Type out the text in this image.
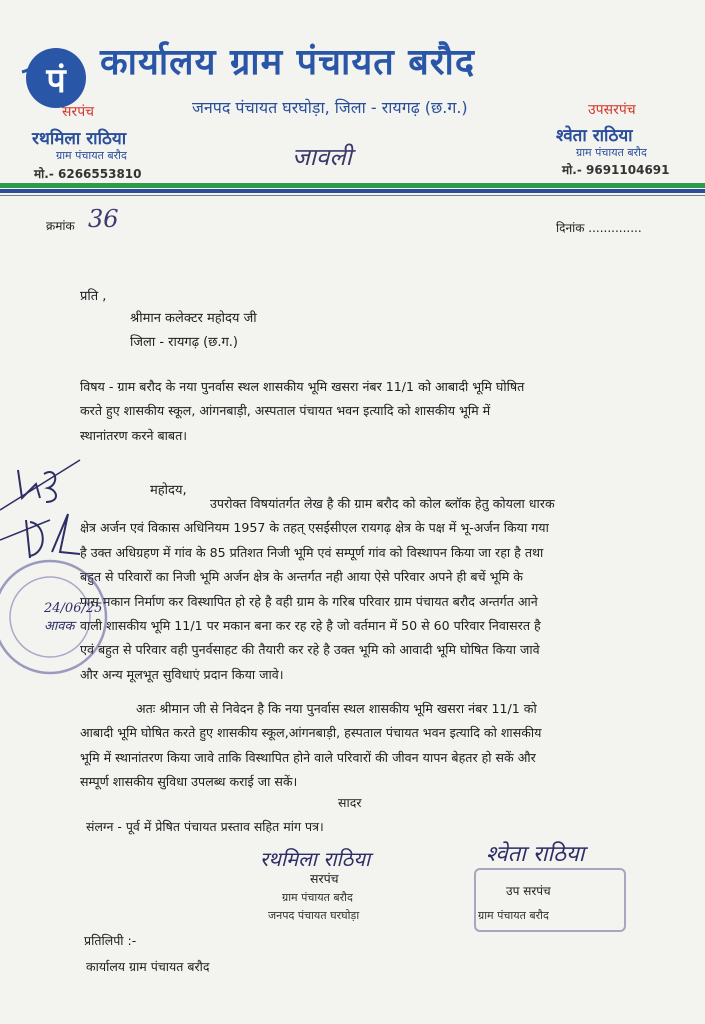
पं कार्यालय ग्राम पंचायत बरौद
जनपद पंचायत घरघोड़ा, जिला - रायगढ़ (छ.ग.)
सरपंच
रथमिला राठिया
ग्राम पंचायत बरौद
मो.- 6266553810
जावली
उपसरपंच
श्वेता राठिया
ग्राम पंचायत बरौद
मो.- 9691104691
क्रमांक 36	दिनांक ..............
प्रति ,
श्रीमान कलेक्टर महोदय जी
जिला - रायगढ़ (छ.ग.)
विषय - ग्राम बरौद के नया पुनर्वास स्थल शासकीय भूमि खसरा नंबर 11/1 को आबादी भूमि घोषित
करते हुए शासकीय स्कूल, आंगनबाड़ी, अस्पताल पंचायत भवन इत्यादि को शासकीय भूमि में
स्थानांतरण करने बाबत।
महोदय,
उपरोक्त विषयांतर्गत लेख है की ग्राम बरौद को कोल ब्लॉक हेतु कोयला धारक
क्षेत्र अर्जन एवं विकास अधिनियम 1957 के तहत् एसईसीएल रायगढ़ क्षेत्र के पक्ष में भू-अर्जन किया गया
है उक्त अधिग्रहण में गांव के 85 प्रतिशत निजी भूमि एवं सम्पूर्ण गांव को विस्थापन किया जा रहा है तथा
बहुत से परिवारों का निजी भूमि अर्जन क्षेत्र के अन्तर्गत नही आया ऐसे परिवार अपने ही बचें भूमि के
पास मकान निर्माण कर विस्थापित हो रहे है वही ग्राम के गरिब परिवार ग्राम पंचायत बरौद अन्तर्गत आने
वाली शासकीय भूमि 11/1 पर मकान बना कर रह रहे है जो वर्तमान में 50 से 60 परिवार निवासरत है
एवं बहुत से परिवार वही पुनर्वसाहट की तैयारी कर रहे है उक्त भूमि को आवादी भूमि घोषित किया जावे
और अन्य मूलभूत सुविधाएं प्रदान किया जावे।
अतः श्रीमान जी से निवेदन है कि नया पुनर्वास स्थल शासकीय भूमि खसरा नंबर 11/1 को
आबादी भूमि घोषित करते हुए शासकीय स्कूल,आंगनबाड़ी, हस्पताल पंचायत भवन इत्यादि को शासकीय
भूमि में स्थानांतरण किया जावे ताकि विस्थापित होने वाले परिवारों की जीवन यापन बेहतर हो सकें और
सम्पूर्ण शासकीय सुविधा उपलब्ध कराई जा सकें।
सादर
संलग्न - पूर्व में प्रेषित पंचायत प्रस्ताव सहित मांग पत्र।
रथमिला राठिया
सरपंच
ग्राम पंचायत बरौद
जनपद पंचायत घरघोड़ा
श्वेता राठिया
उप सरपंच
ग्राम पंचायत बरौद
प्रतिलिपी :-
कार्यालय ग्राम पंचायत बरौद
24/06/25
आवक
